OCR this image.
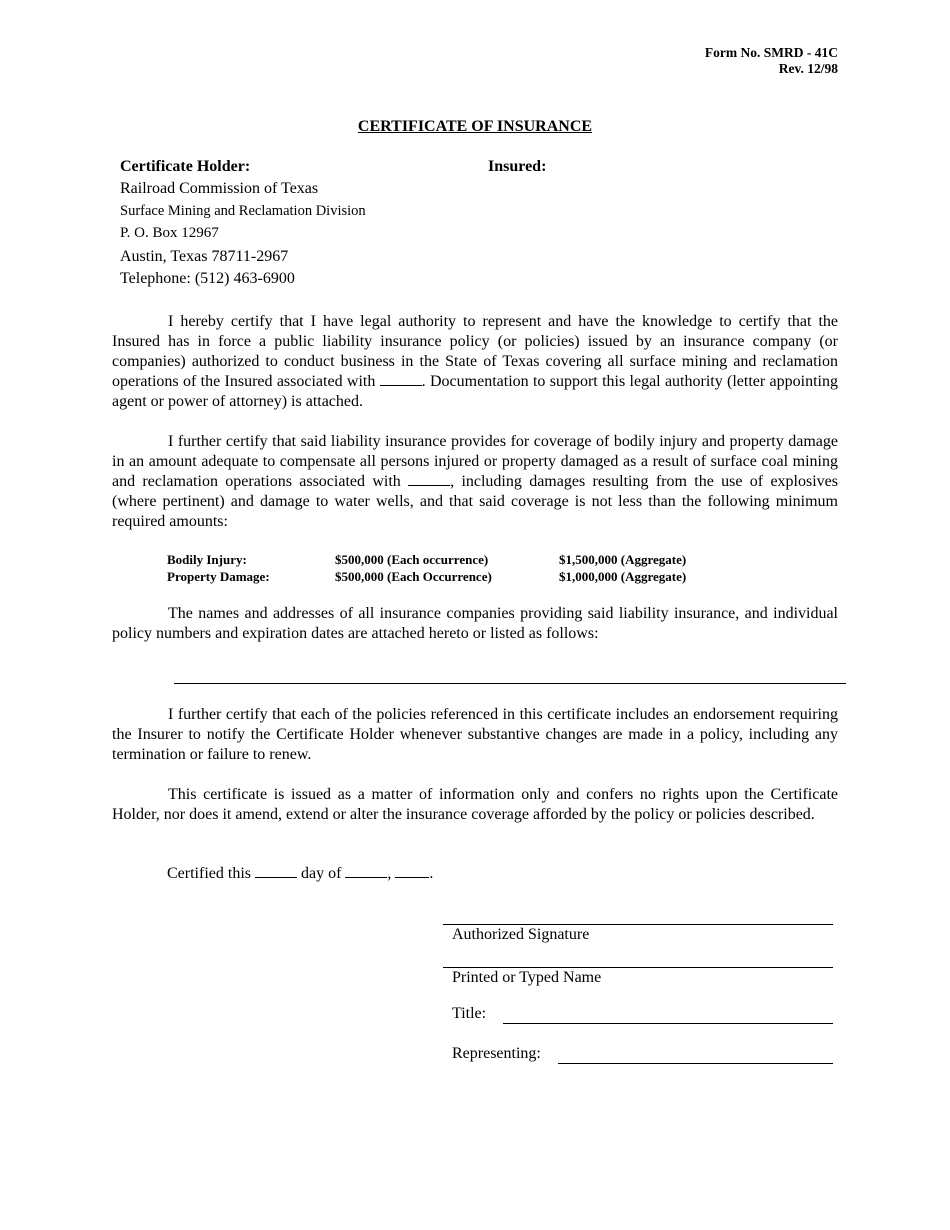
Form No. SMRD - 41C
Rev. 12/98
CERTIFICATE OF INSURANCE
Certificate Holder:	Insured:
Railroad Commission of Texas
Surface Mining and Reclamation Division
P. O. Box 12967
Austin, Texas 78711-2967
Telephone: (512) 463-6900
I hereby certify that I have legal authority to represent and have the knowledge to certify that the Insured has in force a public liability insurance policy (or policies) issued by an insurance company (or companies) authorized to conduct business in the State of Texas covering all surface mining and reclamation operations of the Insured associated with	. Documentation to support this legal authority (letter appointing agent or power of attorney) is attached.
I further certify that said liability insurance provides for coverage of bodily injury and property damage in an amount adequate to compensate all persons injured or property damaged as a result of surface coal mining and reclamation operations associated with	, including damages resulting from the use of explosives (where pertinent) and damage to water wells, and that said coverage is not less than the following minimum required amounts:
Bodily Injury:	$500,000 (Each occurrence)	$1,500,000 (Aggregate)
Property Damage:	$500,000 (Each Occurrence)	$1,000,000 (Aggregate)
The names and addresses of all insurance companies providing said liability insurance, and individual policy numbers and expiration dates are attached hereto or listed as follows:
I further certify that each of the policies referenced in this certificate includes an endorsement requiring the Insurer to notify the Certificate Holder whenever substantive changes are made in a policy, including any termination or failure to renew.
This certificate is issued as a matter of information only and confers no rights upon the Certificate Holder, nor does it amend, extend or alter the insurance coverage afforded by the policy or policies described.
Certified this	day of	, .
Authorized Signature
Printed or Typed Name
Title:
Representing:
